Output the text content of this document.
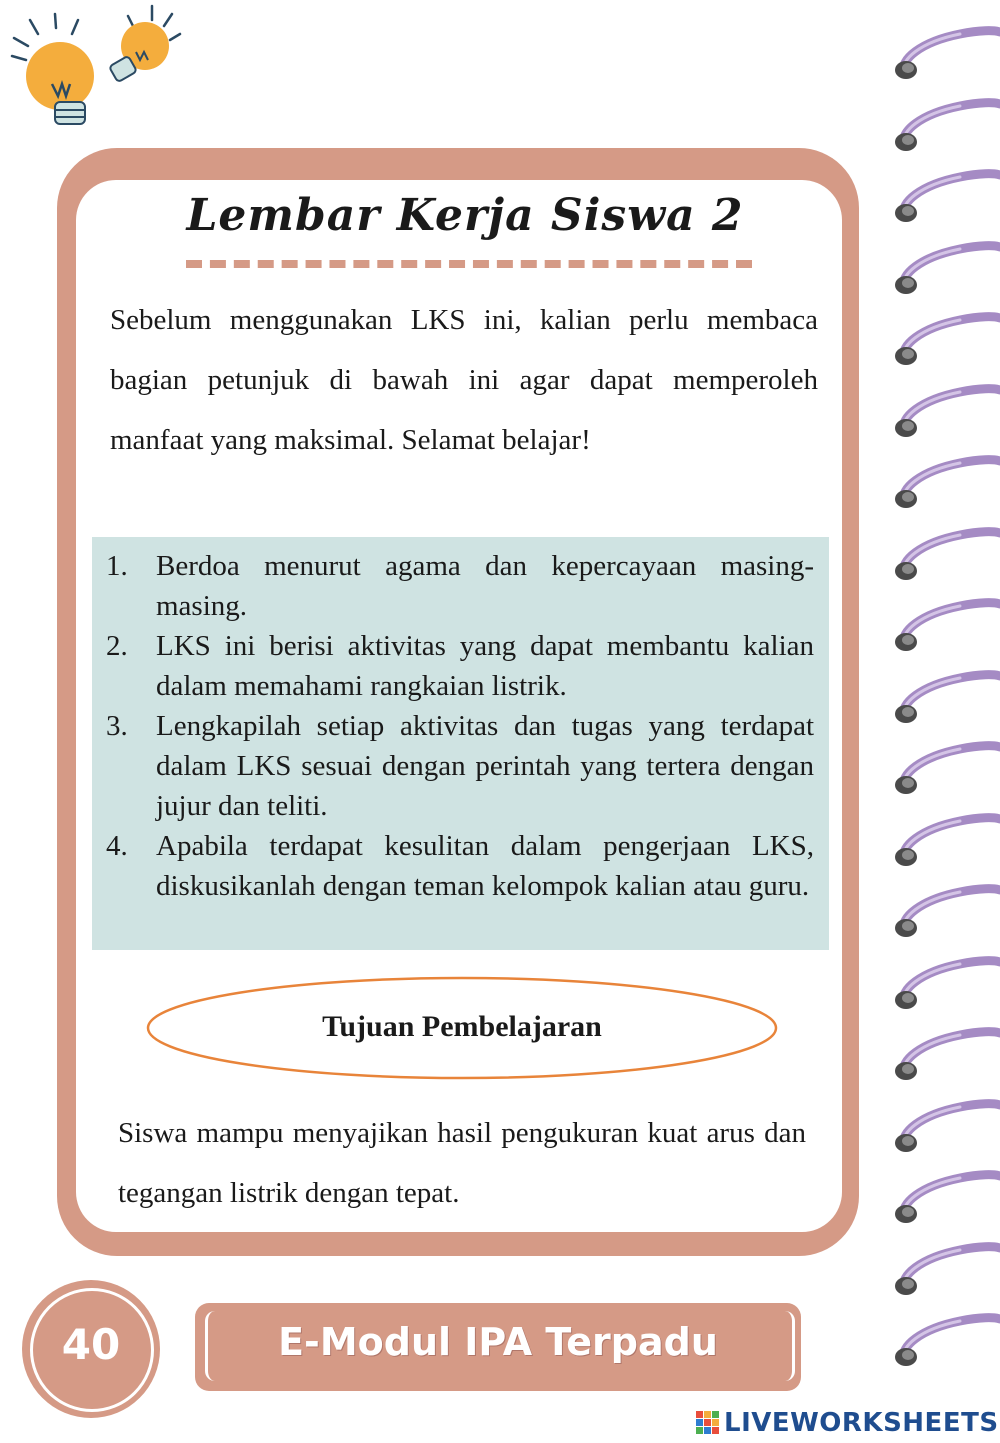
Lembar Kerja Siswa 2

Sebelum menggunakan LKS ini, kalian perlu membaca bagian petunjuk di bawah ini agar dapat memperoleh manfaat yang maksimal. Selamat belajar!

1. Berdoa menurut agama dan kepercayaan masing-masing.
2. LKS ini berisi aktivitas yang dapat membantu kalian dalam memahami rangkaian listrik.
3. Lengkapilah setiap aktivitas dan tugas yang terdapat dalam LKS sesuai dengan perintah yang tertera dengan jujur dan teliti.
4. Apabila terdapat kesulitan dalam pengerjaan LKS, diskusikanlah dengan teman kelompok kalian atau guru.
Tujuan Pembelajaran

Siswa mampu menyajikan hasil pengukuran kuat arus dan tegangan listrik dengan tepat.

40	E-Modul IPA Terpadu
LIVEWORKSHEETS
